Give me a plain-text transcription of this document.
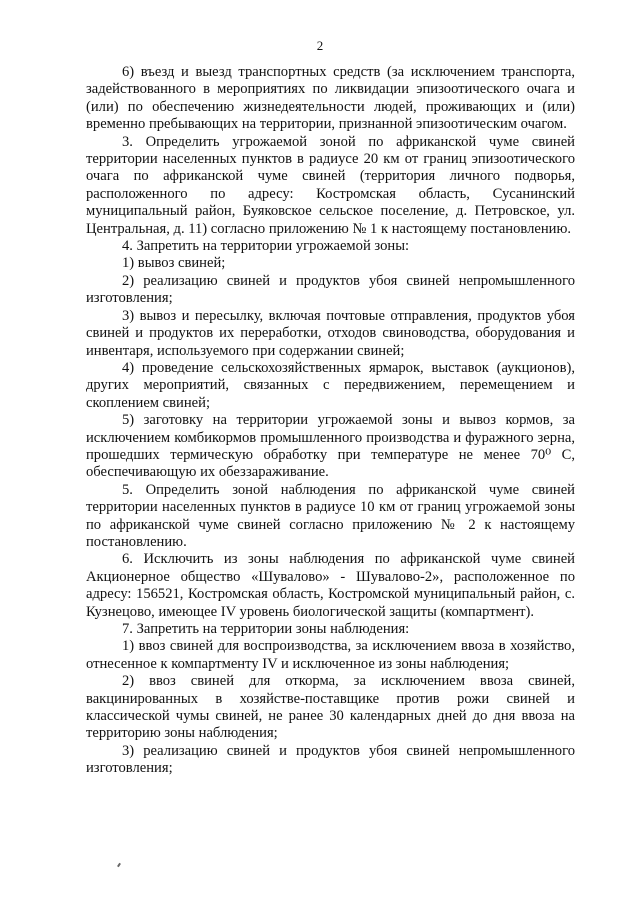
2

6) въезд и выезд транспортных средств (за исключением транспорта, задействованного в мероприятиях по ликвидации эпизоотического очага и (или) по обеспечению жизнедеятельности людей, проживающих и (или) временно пребывающих на территории, признанной эпизоотическим очагом.

3. Определить угрожаемой зоной по африканской чуме свиней территории населенных пунктов в радиусе 20 км от границ эпизоотического очага по африканской чуме свиней (территория личного подворья, расположенного по адресу: Костромская область, Сусанинский муниципальный район, Буяковское сельское поселение, д. Петровское, ул. Центральная, д. 11) согласно приложению № 1 к настоящему постановлению.

4. Запретить на территории угрожаемой зоны:

1) вывоз свиней;

2) реализацию свиней и продуктов убоя свиней непромышленного изготовления;

3) вывоз и пересылку, включая почтовые отправления, продуктов убоя свиней и продуктов их переработки, отходов свиноводства, оборудования и инвентаря, используемого при содержании свиней;

4) проведение сельскохозяйственных ярмарок, выставок (аукционов), других мероприятий, связанных с передвижением, перемещением и скоплением свиней;

5) заготовку на территории угрожаемой зоны и вывоз кормов, за исключением комбикормов промышленного производства и фуражного зерна, прошедших термическую обработку при температуре не менее 70⁰ С, обеспечивающую их обеззараживание.

5. Определить зоной наблюдения по африканской чуме свиней территории населенных пунктов в радиусе 10 км от границ угрожаемой зоны по африканской чуме свиней согласно приложению № 2 к настоящему постановлению.

6. Исключить из зоны наблюдения по африканской чуме свиней Акционерное общество «Шувалово» - Шувалово-2», расположенное по адресу: 156521, Костромская область, Костромской муниципальный район, с. Кузнецово, имеющее IV уровень биологической защиты (компартмент).

7. Запретить на территории зоны наблюдения:

1) ввоз свиней для воспроизводства, за исключением ввоза в хозяйство, отнесенное к компартменту IV и исключенное из зоны наблюдения;

2) ввоз свиней для откорма, за исключением ввоза свиней, вакцинированных в хозяйстве-поставщике против рожи свиней и классической чумы свиней, не ранее 30 календарных дней до дня ввоза на территорию зоны наблюдения;

3) реализацию свиней и продуктов убоя свиней непромышленного изготовления;
